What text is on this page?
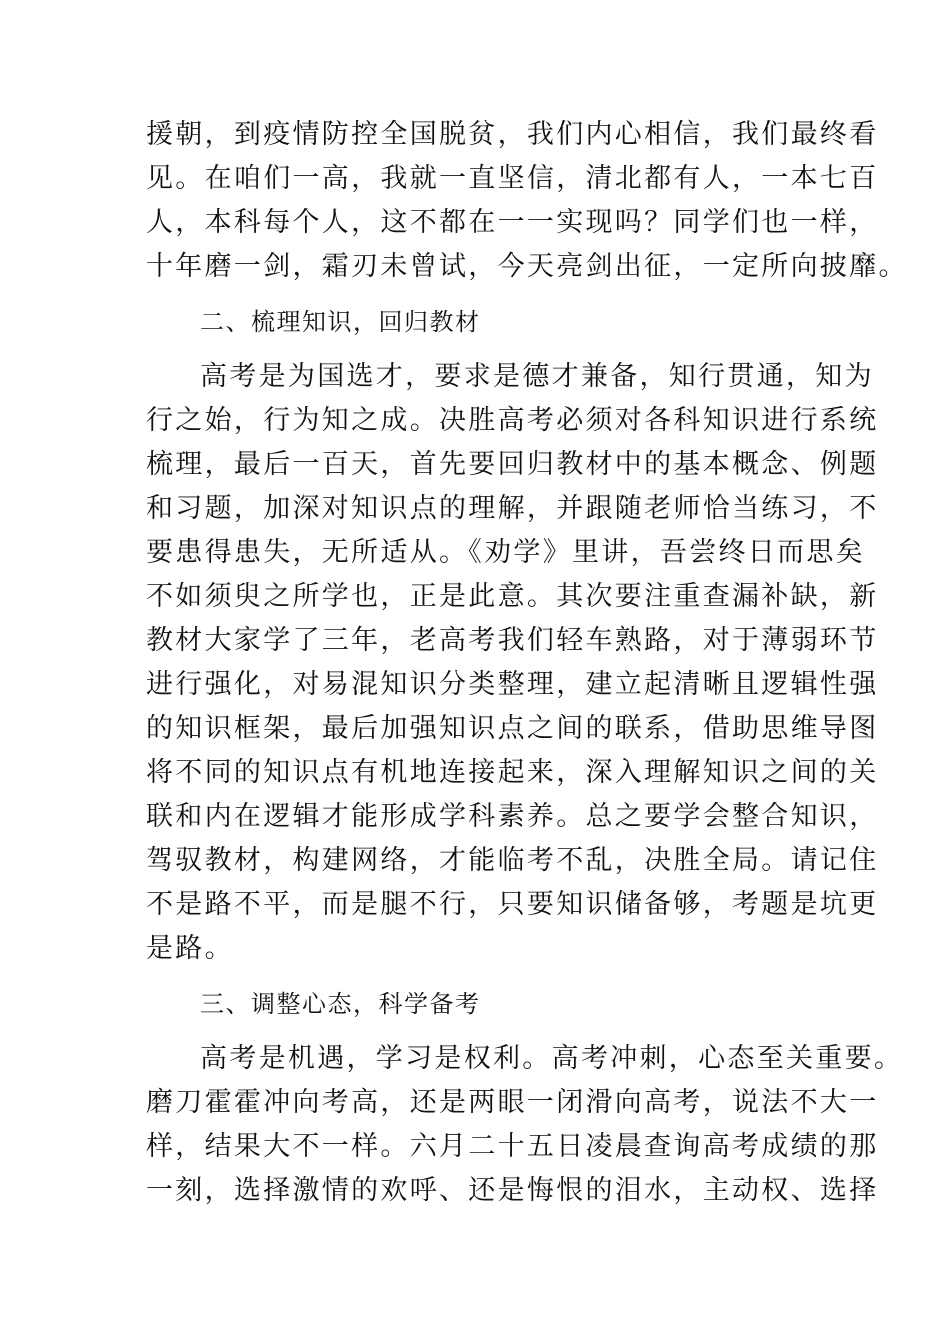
援朝，到疫情防控全国脱贫，我们内心相信，我们最终看
见。在咱们一高，我就一直坚信，清北都有人，一本七百
人，本科每个人，这不都在一一实现吗？同学们也一样，
十年磨一剑，霜刃未曾试，今天亮剑出征，一定所向披靡。
二、梳理知识，回归教材
高考是为国选才，要求是德才兼备，知行贯通，知为
行之始，行为知之成。决胜高考必须对各科知识进行系统
梳理，最后一百天，首先要回归教材中的基本概念、例题
和习题，加深对知识点的理解，并跟随老师恰当练习，不
要患得患失，无所适从。《劝学》里讲，吾尝终日而思矣
不如须臾之所学也，正是此意。其次要注重查漏补缺，新
教材大家学了三年，老高考我们轻车熟路，对于薄弱环节
进行强化，对易混知识分类整理，建立起清晰且逻辑性强
的知识框架，最后加强知识点之间的联系，借助思维导图
将不同的知识点有机地连接起来，深入理解知识之间的关
联和内在逻辑才能形成学科素养。总之要学会整合知识，
驾驭教材，构建网络，才能临考不乱，决胜全局。请记住
不是路不平，而是腿不行，只要知识储备够，考题是坑更
是路。
三、调整心态，科学备考
高考是机遇，学习是权利。高考冲刺，心态至关重要。
磨刀霍霍冲向考高，还是两眼一闭滑向高考，说法不大一
样，结果大不一样。六月二十五日凌晨查询高考成绩的那
一刻，选择激情的欢呼、还是悔恨的泪水，主动权、选择
